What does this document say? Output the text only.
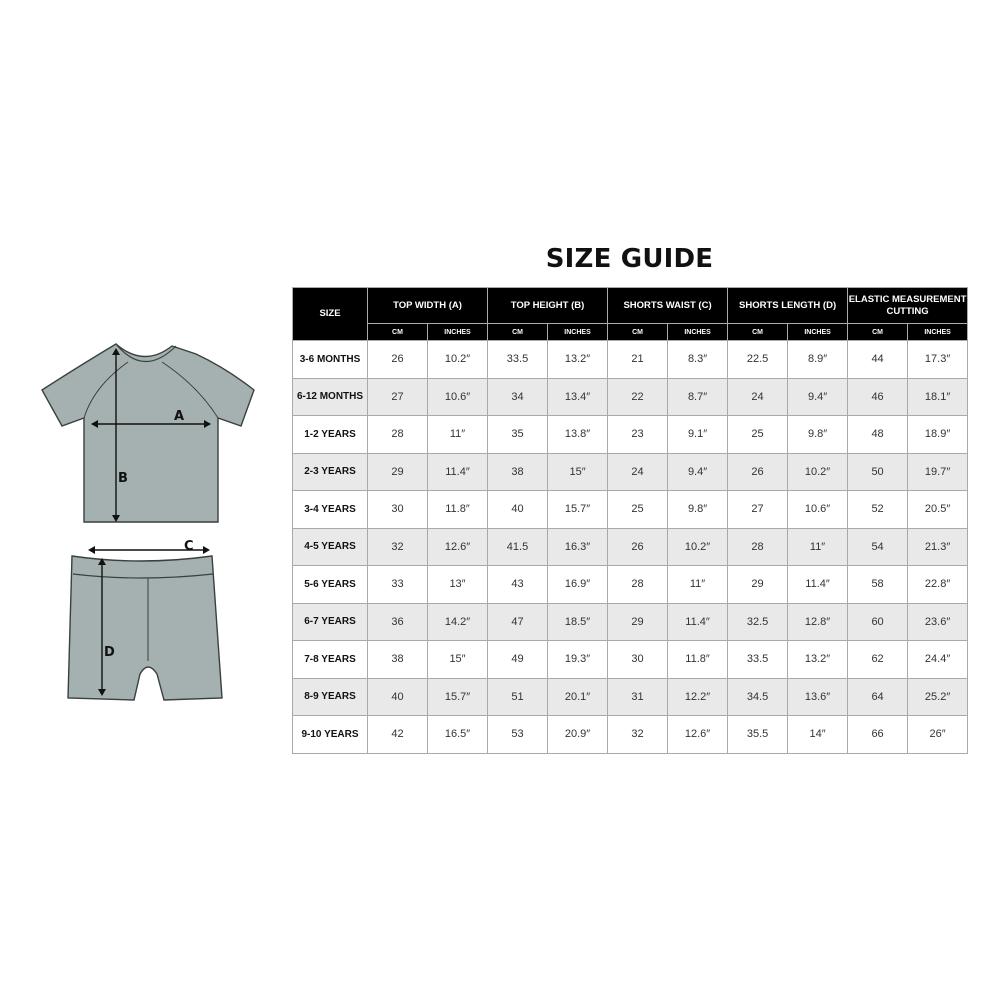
A
B
C
D
SIZE GUIDE
SIZE	TOP WIDTH (A)		TOP HEIGHT (B)		SHORTS WAIST (C)		SHORTS LENGTH (D)		ELASTIC MEASUREMENT CUTTING	
	CM	INCHES	CM	INCHES	CM	INCHES	CM	INCHES	CM	INCHES
3-6 MONTHS	26	10.2″	33.5	13.2″	21	8.3″	22.5	8.9″	44	17.3″
6-12 MONTHS	27	10.6″	34	13.4″	22	8.7″	24	9.4″	46	18.1″
1-2 YEARS	28	11″	35	13.8″	23	9.1″	25	9.8″	48	18.9″
2-3 YEARS	29	11.4″	38	15″	24	9.4″	26	10.2″	50	19.7″
3-4 YEARS	30	11.8″	40	15.7″	25	9.8″	27	10.6″	52	20.5″
4-5 YEARS	32	12.6″	41.5	16.3″	26	10.2″	28	11″	54	21.3″
5-6 YEARS	33	13″	43	16.9″	28	11″	29	11.4″	58	22.8″
6-7 YEARS	36	14.2″	47	18.5″	29	11.4″	32.5	12.8″	60	23.6″
7-8 YEARS	38	15″	49	19.3″	30	11.8″	33.5	13.2″	62	24.4″
8-9 YEARS	40	15.7″	51	20.1″	31	12.2″	34.5	13.6″	64	25.2″
9-10 YEARS	42	16.5″	53	20.9″	32	12.6″	35.5	14″	66	26″
